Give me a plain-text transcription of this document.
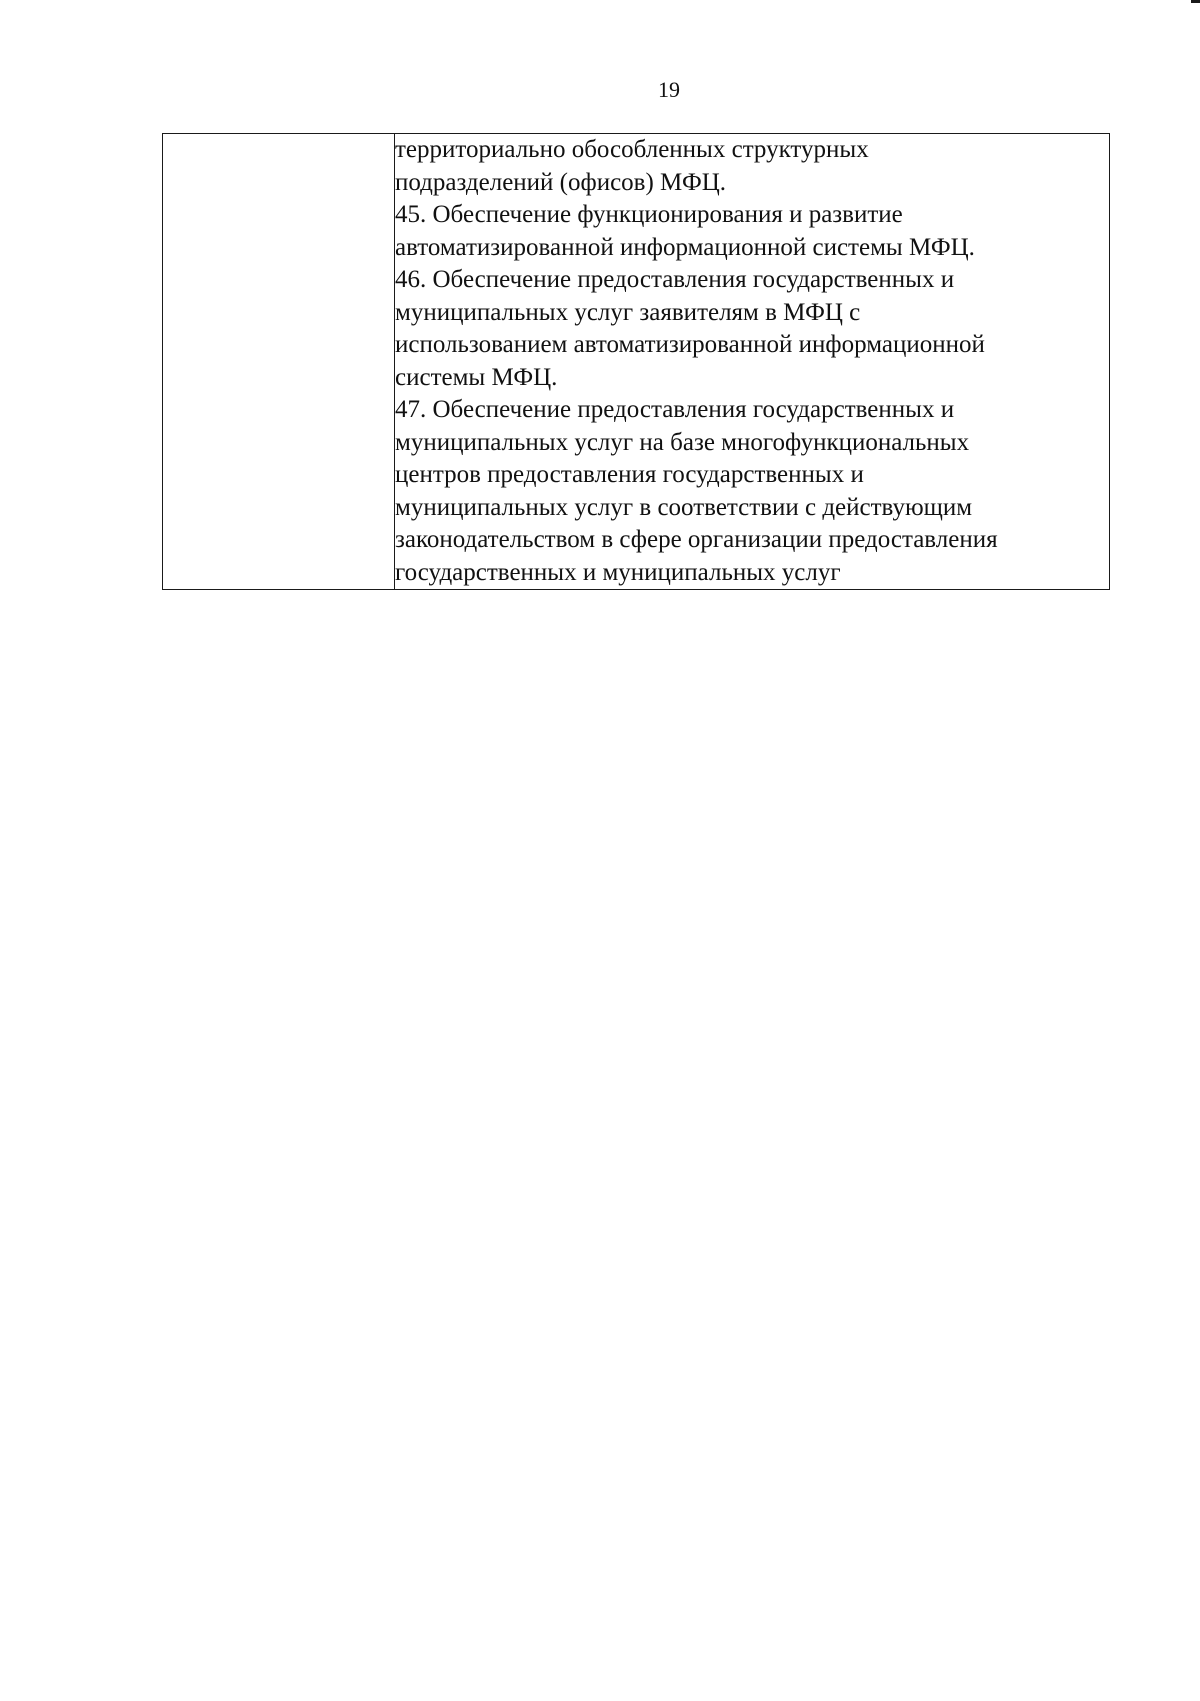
19

территориально обособленных структурных
подразделений (офисов) МФЦ.
45. Обеспечение функционирования и развитие
автоматизированной информационной системы МФЦ.
46. Обеспечение предоставления государственных и
муниципальных услуг заявителям в МФЦ с
использованием автоматизированной информационной
системы МФЦ.
47. Обеспечение предоставления государственных и
муниципальных услуг на базе многофункциональных
центров предоставления государственных и
муниципальных услуг в соответствии с действующим
законодательством в сфере организации предоставления
государственных и муниципальных услуг
